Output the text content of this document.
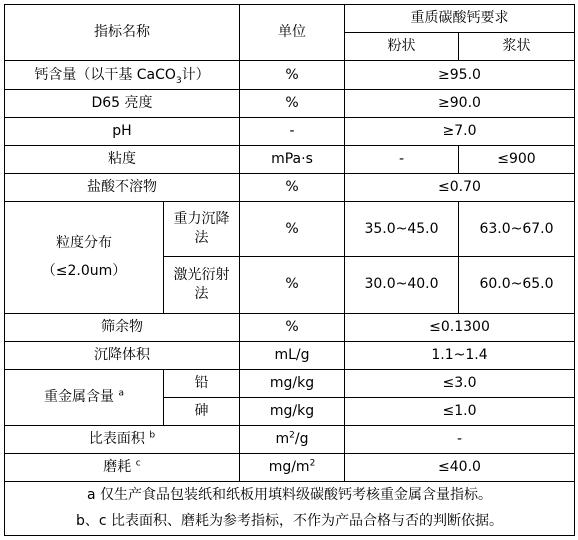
指标名称		单位	重质碳酸钙要求	
			粉状	浆状
钙含量（以干基 CaCO$_3$计）		%	≥95.0	
D65 亮度		%	≥90.0	
pH		-	≥7.0	
粘度		mPa·s	-	≤900
盐酸不溶物		%	≤0.70	

粒度分布
（≤2.0um）	重力沉降法	%	35.0~45.0	63.0~67.0
	激光衍射法	%	30.0~40.0	60.0~65.0
筛余物		%	≤0.1300	
沉降体积		mL/g	1.1~1.4	
重金属含量 $^a$	铅	mg/kg	≤3.0	
	砷	mg/kg	≤1.0	
比表面积 $^b$		$m^2/g$	-	
磨耗 $^c$		$mg/m^2$	≤40.0	

a 仅生产食品包装纸和纸板用填料级碳酸钙考核重金属含量指标。
b、c 比表面积、磨耗为参考指标，不作为产品合格与否的判断依据。				
